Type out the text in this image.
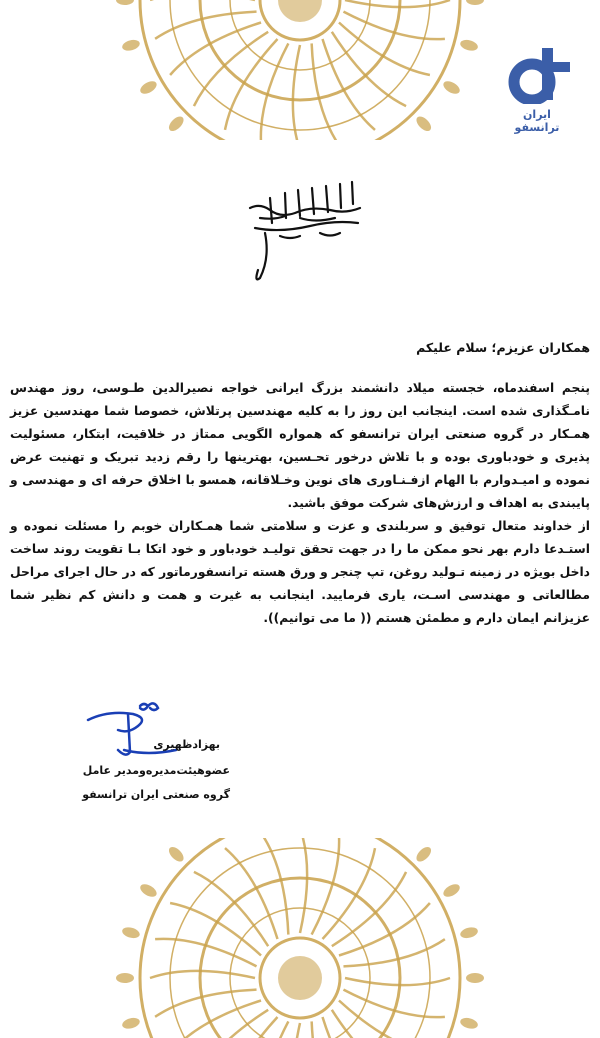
ایران ترانسفو

همکاران عزیزم؛ سلام علیکم

پنجم اسفندماه، خجسته میلاد دانشمند بزرگ ایرانی خواجه نصیرالدین طـوسی، روز مهندس نامـگذاری شده است. اینجانب این روز را به کلیه مهندسین پرتلاش، خصوصا شما مهندسین عزیز همـکار در گروه صنعتی ایران ترانسفو که همواره الگویی ممتاز در خلاقیت، ابتکار، مسئولیت پذیری و خودباوری بوده و با تلاش درخور تحـسین، بهترینها را رقم زدید تبریک و تهنیت عرض نموده و امیـدوارم با الهام ازفـنـاوری های نوین وخـلاقانه، همسو با اخلاق حرفه ای و مهندسی و پایبندی به اهداف و ارزش‌های شرکت موفق باشید.

از خداوند متعال توفیق و سربلندی و عزت و سلامتی شما همـکاران خوبم را مسئلت نموده و استـدعا دارم بهر نحو ممکن ما را در جهت تحقق تولیـد خودباور و خود اتکا بـا تقویت روند ساخت داخل بویژه در زمینه تـولید روغن، تپ چنجر و ورق هسته ترانسفورماتور که در حال اجرای مراحل مطالعاتی و مهندسی اسـت، یاری فرمایید. اینجانب به غیرت و همت و دانش کم نظیر شما عزیزانم ایمان دارم و مطمئن هستم (( ما می توانیم)).

بهزادظهیری
عضوهیئت‌مدیره‌ومدیر عامل
گروه صنعتی ایران ترانسفو
